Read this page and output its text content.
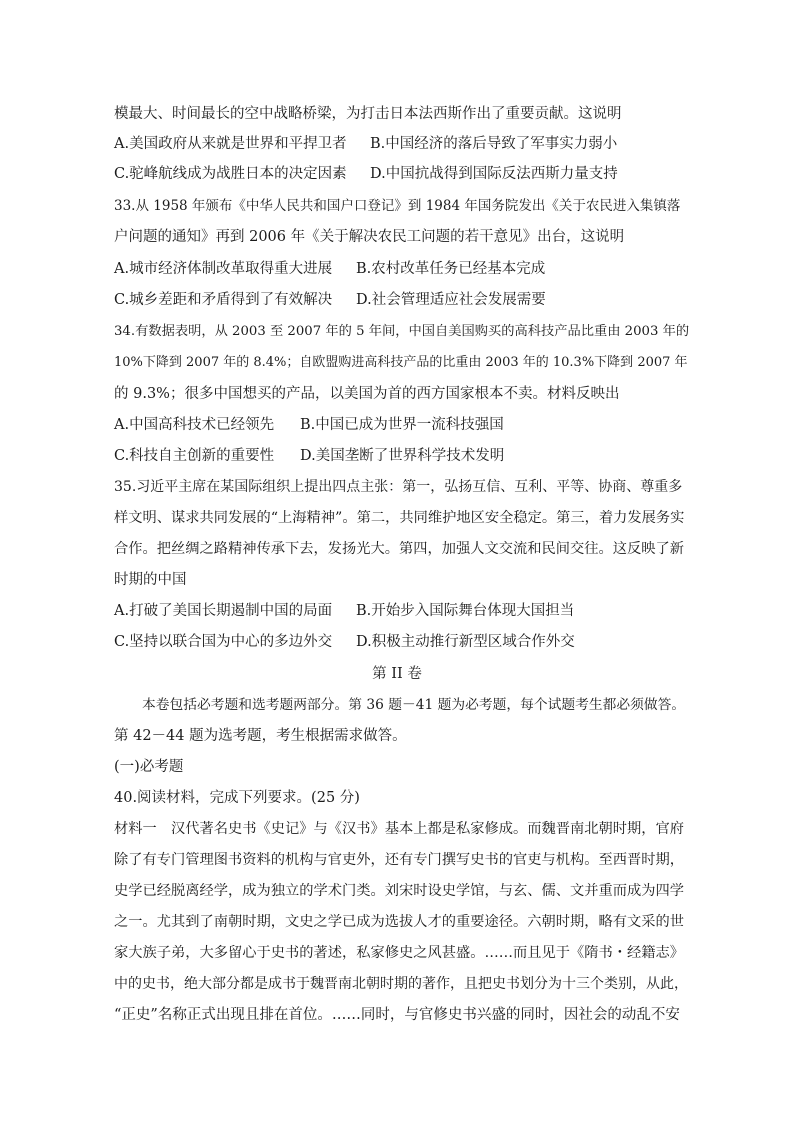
模最大、时间最长的空中战略桥梁，为打击日本法西斯作出了重要贡献。这说明
A.美国政府从来就是世界和平捍卫者 B.中国经济的落后导致了军事实力弱小
C.驼峰航线成为战胜日本的决定因素 D.中国抗战得到国际反法西斯力量支持
33.从 1958 年颁布《中华人民共和国户口登记》到 1984 年国务院发出《关于农民进入集镇落
户问题的通知》再到 2006 年《关于解决农民工问题的若干意见》出台，这说明
A.城市经济体制改革取得重大进展 B.农村改革任务已经基本完成
C.城乡差距和矛盾得到了有效解决 D.社会管理适应社会发展需要
34.有数据表明，从 2003 至 2007 年的 5 年间，中国自美国购买的高科技产品比重由 2003 年的
10%下降到 2007 年的 8.4%；自欧盟购进高科技产品的比重由 2003 年的 10.3%下降到 2007 年
的 9.3%；很多中国想买的产品，以美国为首的西方国家根本不卖。材料反映出
A.中国高科技术已经领先 B.中国已成为世界一流科技强国
C.科技自主创新的重要性 D.美国垄断了世界科学技术发明
35.习近平主席在某国际组织上提出四点主张：第一，弘扬互信、互利、平等、协商、尊重多
样文明、谋求共同发展的“上海精神”。第二，共同维护地区安全稳定。第三，着力发展务实
合作。把丝绸之路精神传承下去，发扬光大。第四，加强人文交流和民间交往。这反映了新
时期的中国
A.打破了美国长期遏制中国的局面 B.开始步入国际舞台体现大国担当
C.坚持以联合国为中心的多边外交 D.积极主动推行新型区域合作外交
第 II 卷
本卷包括必考题和选考题两部分。第 36 题－41 题为必考题，每个试题考生都必须做答。
第 42－44 题为选考题，考生根据需求做答。
(一)必考题
40.阅读材料，完成下列要求。(25 分)
材料一　汉代著名史书《史记》与《汉书》基本上都是私家修成。而魏晋南北朝时期，官府
除了有专门管理图书资料的机构与官吏外，还有专门撰写史书的官吏与机构。至西晋时期，
史学已经脱离经学，成为独立的学术门类。刘宋时设史学馆，与玄、儒、文并重而成为四学
之一。尤其到了南朝时期，文史之学已成为选拔人才的重要途径。六朝时期，略有文采的世
家大族子弟，大多留心于史书的著述，私家修史之风甚盛。……而且见于《隋书・经籍志》
中的史书，绝大部分都是成书于魏晋南北朝时期的著作，且把史书划分为十三个类别，从此，
“正史”名称正式出现且排在首位。……同时，与官修史书兴盛的同时，因社会的动乱不安
